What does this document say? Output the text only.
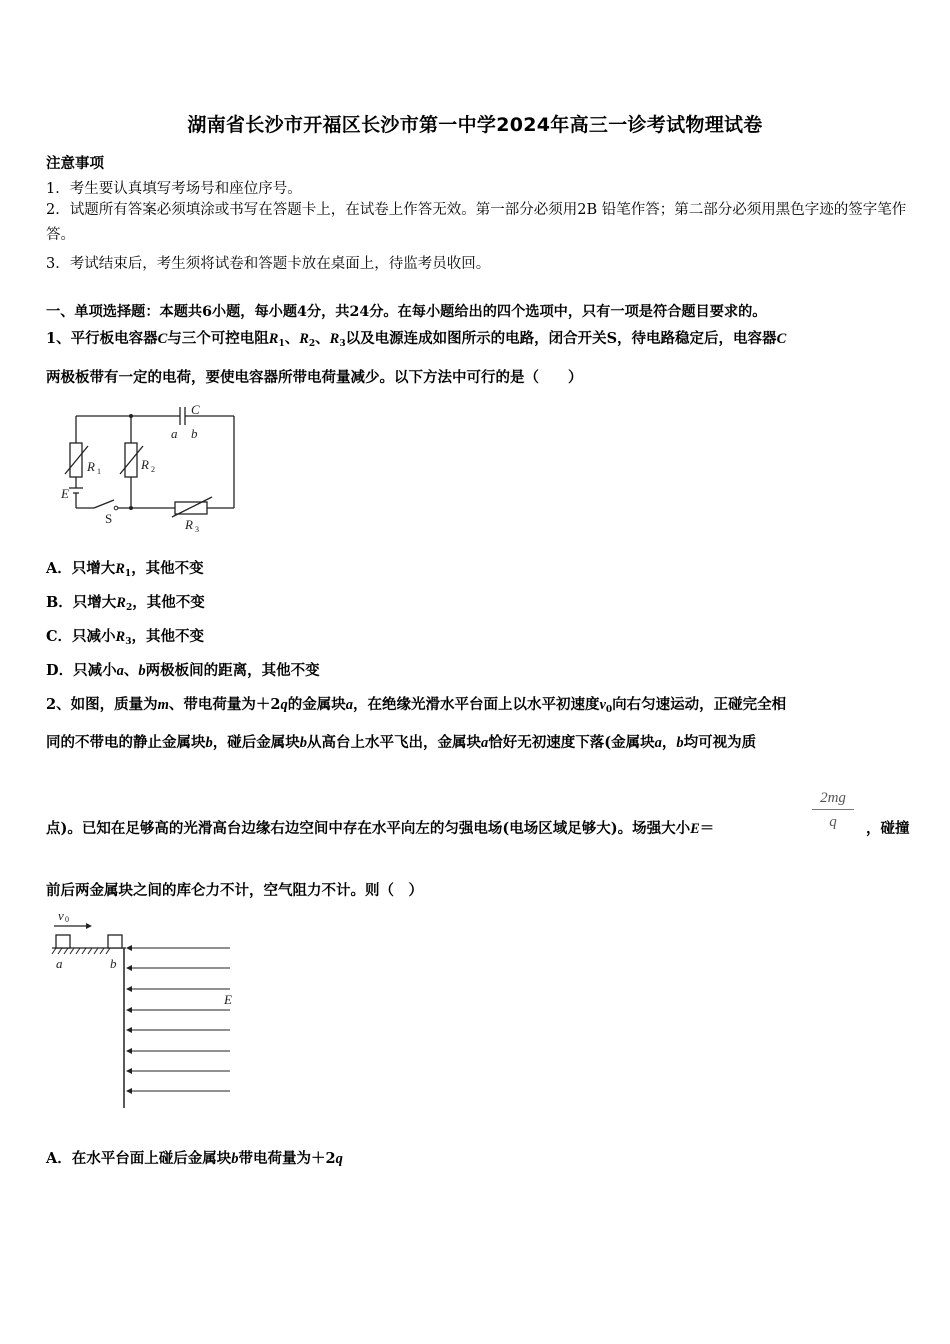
湖南省长沙市开福区长沙市第一中学2024年高三一诊考试物理试卷
注意事项
1．考生要认真填写考场号和座位序号。
2．试题所有答案必须填涂或书写在答题卡上，在试卷上作答无效。第一部分必须用2B 铅笔作答；第二部分必须用黑色字迹的签字笔作答。
3．考试结束后，考生须将试卷和答题卡放在桌面上，待监考员收回。
一、单项选择题：本题共6小题，每小题4分，共24分。在每小题给出的四个选项中，只有一项是符合题目要求的。
1、平行板电容器C与三个可控电阻$R_1$、$R_2$、$R_3$以及电源连成如图所示的电路，闭合开关S，待电路稳定后，电容器C
两极板带有一定的电荷，要使电容器所带电荷量减少。以下方法中可行的是（　　）
C
a b
R	R
E
R
1	2
3
S
A．只增大$R_1$，其他不变
B．只增大$R_2$，其他不变
C．只减小$R_3$，其他不变
D．只减小a、b两极板间的距离，其他不变
2、如图，质量为m、带电荷量为＋2q的金属块a，在绝缘光滑水平台面上以水平初速度$v_0$向右匀速运动，正碰完全相
同的不带电的静止金属块b，碰后金属块b从高台上水平飞出，金属块a恰好无初速度下落(金属块a，b均可视为质
点)。已知在足够高的光滑高台边缘右边空间中存在水平向左的匀强电场(电场区域足够大)。场强大小E＝	$\frac{2mg}{q}$ ，碰撞
前后两金属块之间的库仑力不计，空气阻力不计。则（　）
v
a	b
E
0
A．在水平台面上碰后金属块b带电荷量为＋2q
